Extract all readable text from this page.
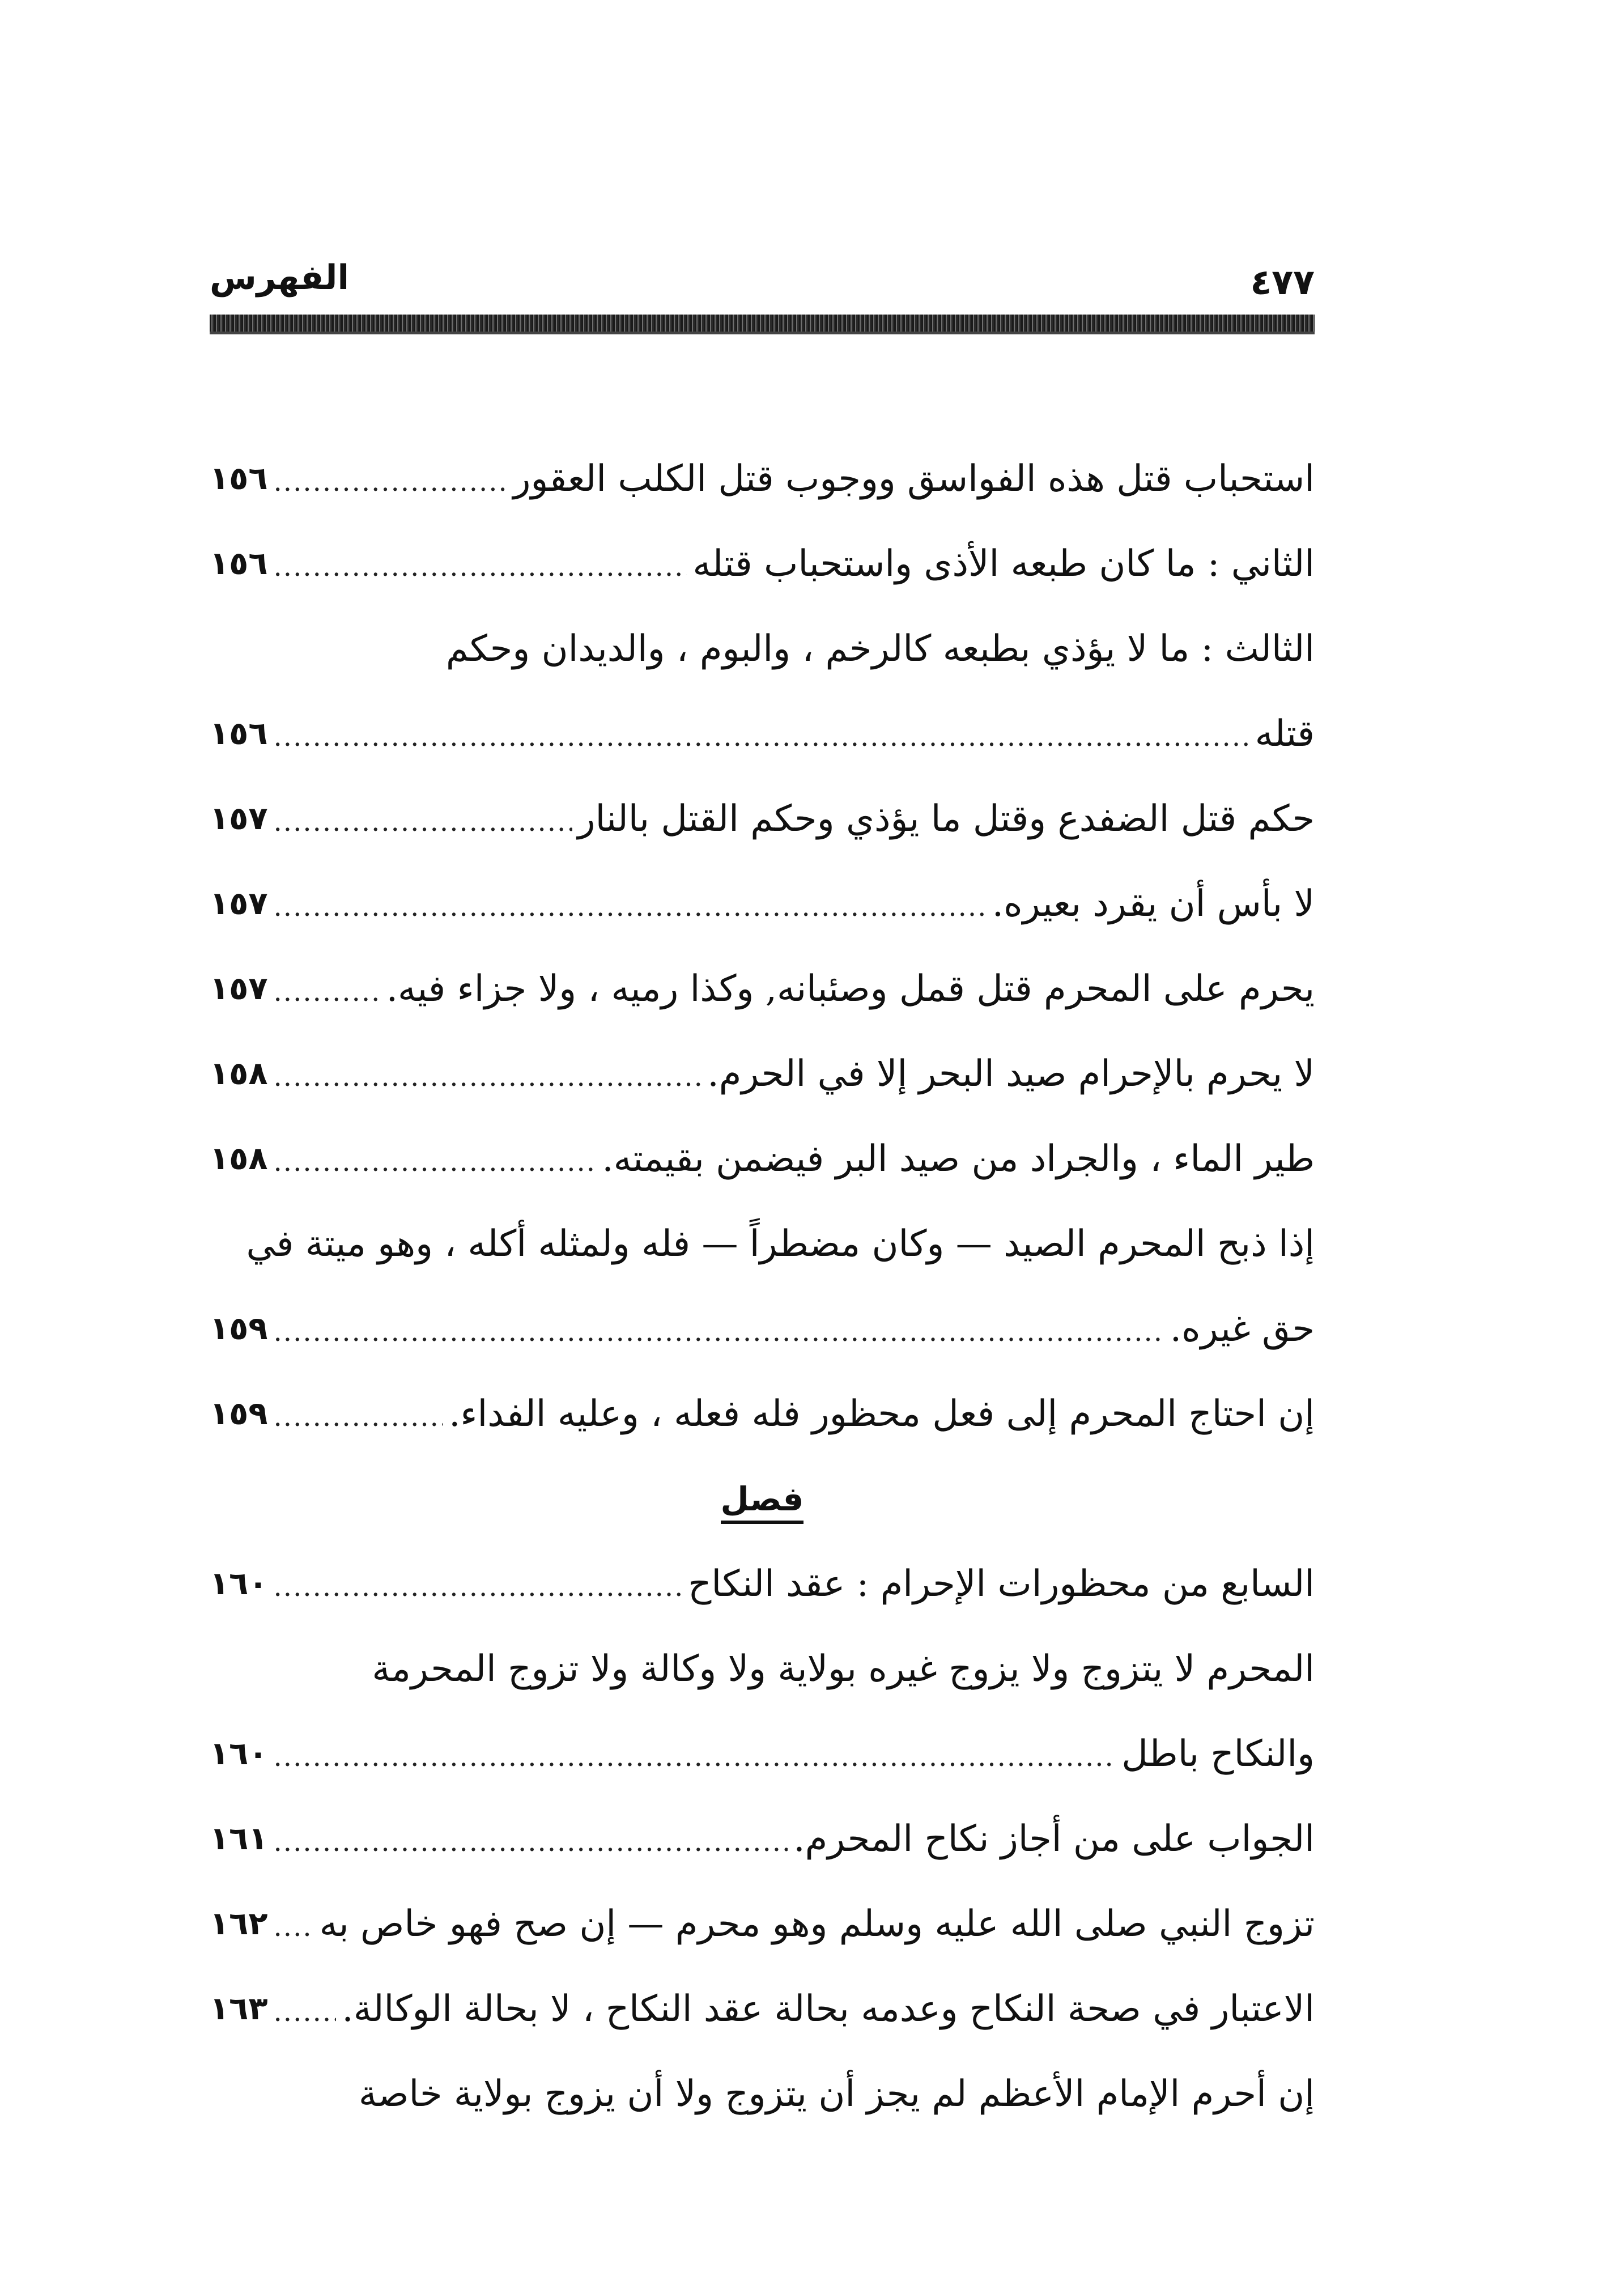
٤٧٧
الفهرس
استحباب قتل هذه الفواسق ووجوب قتل الكلب العقور
.....
١٥٦
الثاني : ما كان طبعه الأذى واستحباب قتله
.....
١٥٦
الثالث : ما لا يؤذي بطبعه كالرخم ، والبوم ، والديدان وحكم
قتله
.....
١٥٦
حكم قتل الضفدع وقتل ما يؤذي وحكم القتل بالنار
.....
١٥٧
لا بأس أن يقرد بعيره.
.....
١٥٧
يحرم على المحرم قتل قمل وصئبانه, وكذا رميه ، ولا جزاء فيه.
.....
١٥٧
لا يحرم بالإحرام صيد البحر إلا في الحرم.
.....
١٥٨
طير الماء ، والجراد من صيد البر فيضمن بقيمته.
.....
١٥٨
إذا ذبح المحرم الصيد — وكان مضطراً — فله ولمثله أكله ، وهو ميتة في
حق غيره.
.....
١٥٩
إن احتاج المحرم إلى فعل محظور فله فعله ، وعليه الفداء.
.....
١٥٩
فصل
السابع من محظورات الإحرام : عقد النكاح
.....
١٦٠
المحرم لا يتزوج ولا يزوج غيره بولاية ولا وكالة ولا تزوج المحرمة
والنكاح باطل
.....
١٦٠
الجواب على من أجاز نكاح المحرم.
.....
١٦١
تزوج النبي صلى الله عليه وسلم وهو محرم — إن صح فهو خاص به
.....
١٦٢
الاعتبار في صحة النكاح وعدمه بحالة عقد النكاح ، لا بحالة الوكالة.
.....
١٦٣
إن أحرم الإمام الأعظم لم يجز أن يتزوج ولا أن يزوج بولاية خاصة
